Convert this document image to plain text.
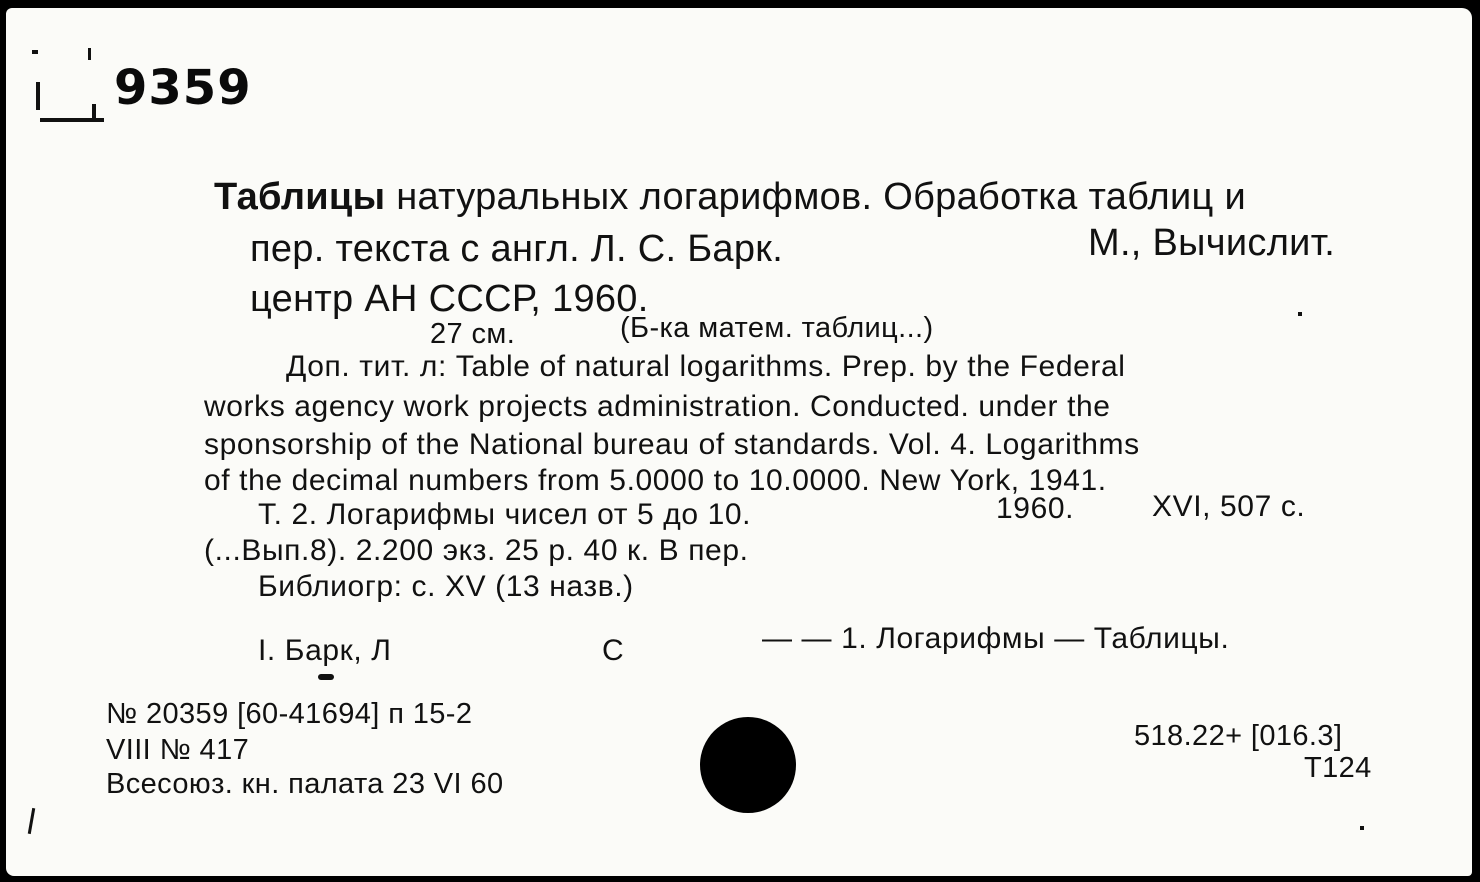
9359
Таблицы натуральных логарифмов. Обработка таблиц и
пер. текста с англ. Л. С. Барк.	М., Вычислит.
центр АН СССР, 1960.
27 см.	(Б-ка матем. таблиц...)
Доп. тит. л: Table of natural logarithms. Prep. by the Federal
works agency work projects administration. Conducted. under the
sponsorship of the National bureau of standards. Vol. 4. Logarithms
of the decimal numbers from 5.0000 to 10.0000. New York, 1941.
Т. 2. Логарифмы чисел от 5 до 10.	1960.	XVI, 507 с.
(...Вып.8). 2.200 экз. 25 р. 40 к. В пер.
Библиогр: с. XV (13 назв.)
I. Барк, Л	С	— — 1. Логарифмы — Таблицы.
№ 20359 [60-41694] п 15-2
VIII № 417
Всесоюз. кн. палата 23 VI 60
518.22+ [016.3]
Т124
